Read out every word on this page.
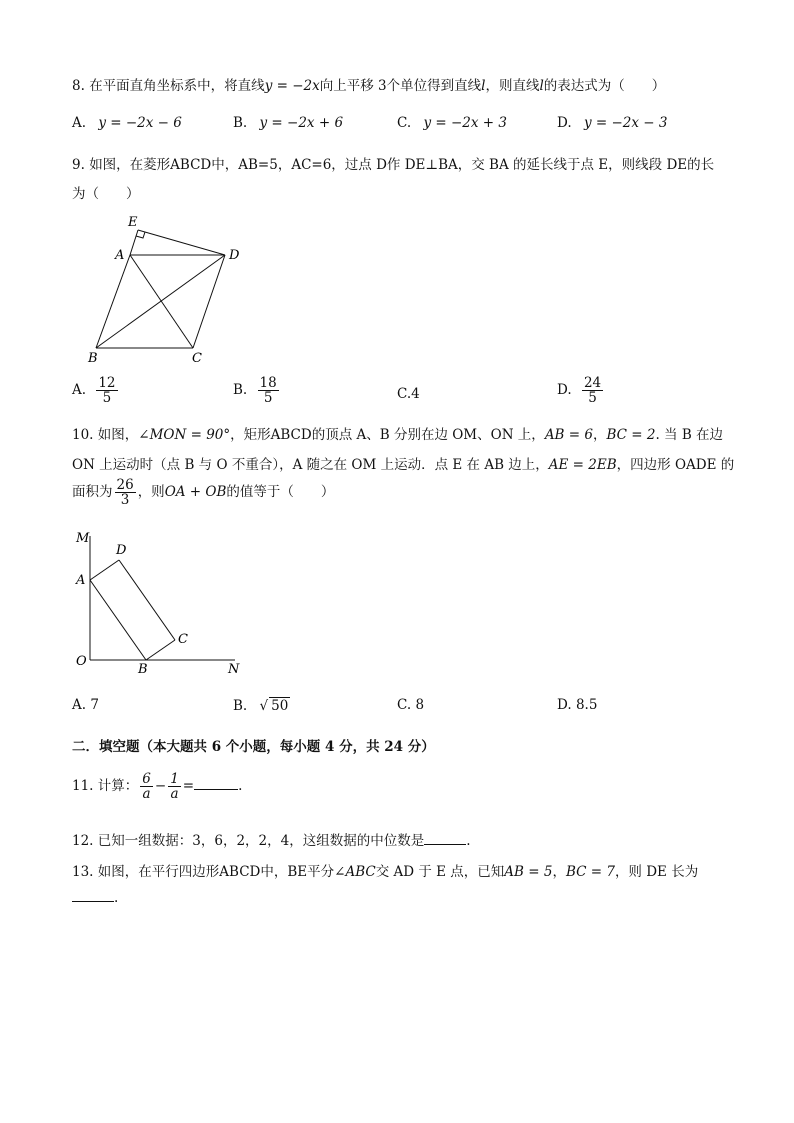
8. 在平面直角坐标系中，将直线y = −2x向上平移 3个单位得到直线l，则直线l的表达式为（　　）
A. y = −2x − 6	B. y = −2x + 6	C. y = −2x + 3	D. y = −2x − 3
9. 如图，在菱形ABCD中，AB=5，AC=6，过点 D作 DE⊥BA，交 BA 的延长线于点 E，则线段 DE的长
为（　　）
E
A	D
B	C
A. $\frac{12}{5}$	B. $\frac{18}{5}$	C.4	D. $\frac{24}{5}$
10. 如图，∠MON = 90°，矩形ABCD的顶点 A、B 分别在边 OM、ON 上，AB = 6，BC = 2. 当 B 在边
ON 上运动时（点 B 与 O 不重合），A 随之在 OM 上运动．点 E 在 AB 边上，AE = 2EB，四边形 OADE 的
面积为 $\frac{26}{3}$ ，则OA + OB的值等于（　　）
M
D
A
C
O
B	N
A. 7	B. √ 50	C. 8	D. 8.5
二．填空题（本大题共 6 个小题，每小题 4 分，共 24 分）
11. 计算： $\frac{6}{a} - \frac{1}{a}$ =	.
12. 已知一组数据：3，6，2，2，4，这组数据的中位数是	.
13. 如图，在平行四边形ABCD中，BE平分∠ABC交 AD 于 E 点，已知AB = 5，BC = 7，则 DE 长为
.
